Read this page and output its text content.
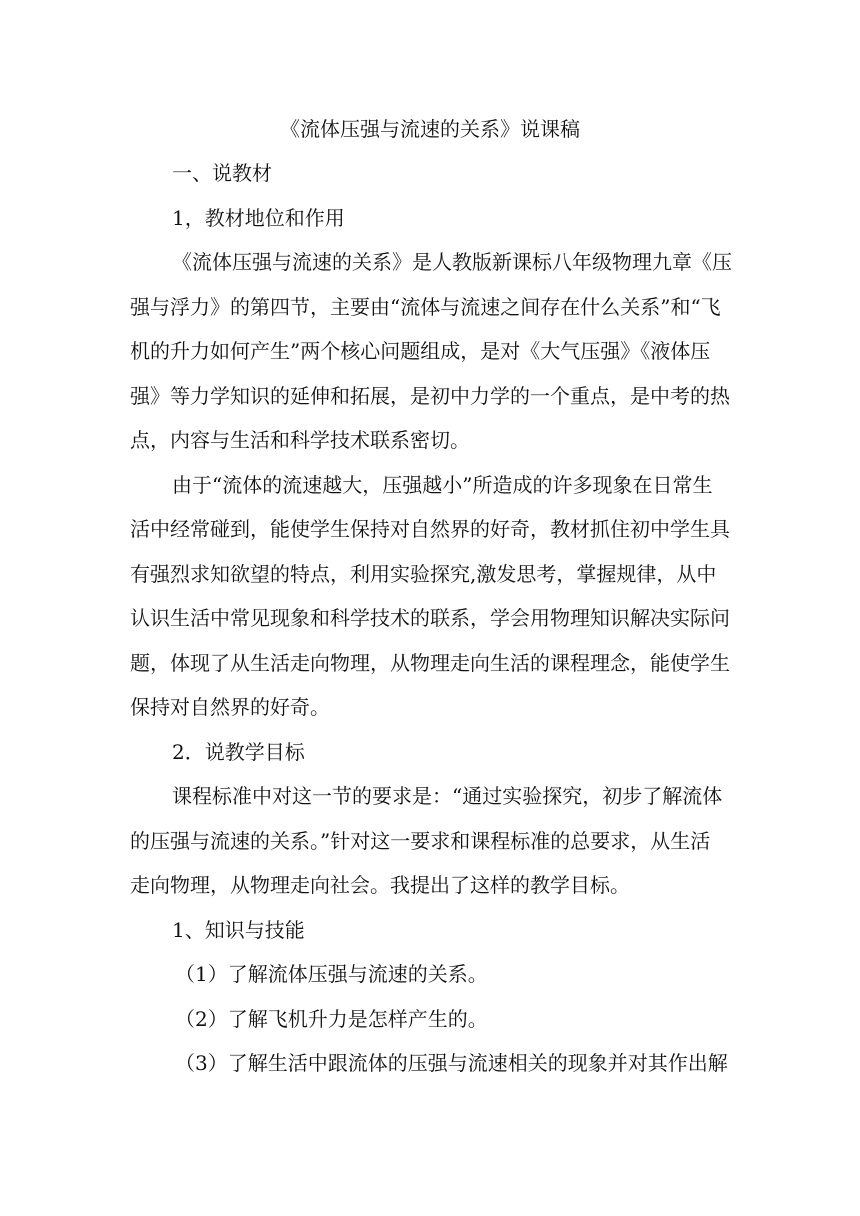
《流体压强与流速的关系》说课稿
一、说教材
1，教材地位和作用
《流体压强与流速的关系》是人教版新课标八年级物理九章《压
强与浮力》的第四节，主要由“流体与流速之间存在什么关系”和“飞
机的升力如何产生”两个核心问题组成，是对《大气压强》《液体压
强》等力学知识的延伸和拓展，是初中力学的一个重点，是中考的热
点，内容与生活和科学技术联系密切。
由于“流体的流速越大，压强越小”所造成的许多现象在日常生
活中经常碰到，能使学生保持对自然界的好奇，教材抓住初中学生具
有强烈求知欲望的特点，利用实验探究,激发思考，掌握规律，从中
认识生活中常见现象和科学技术的联系，学会用物理知识解决实际问
题，体现了从生活走向物理，从物理走向生活的课程理念，能使学生
保持对自然界的好奇。
2．说教学目标
课程标准中对这一节的要求是：“通过实验探究，初步了解流体
的压强与流速的关系。”针对这一要求和课程标准的总要求，从生活
走向物理，从物理走向社会。我提出了这样的教学目标。
1、知识与技能
（1）了解流体压强与流速的关系。
（2）了解飞机升力是怎样产生的。
（3）了解生活中跟流体的压强与流速相关的现象并对其作出解
